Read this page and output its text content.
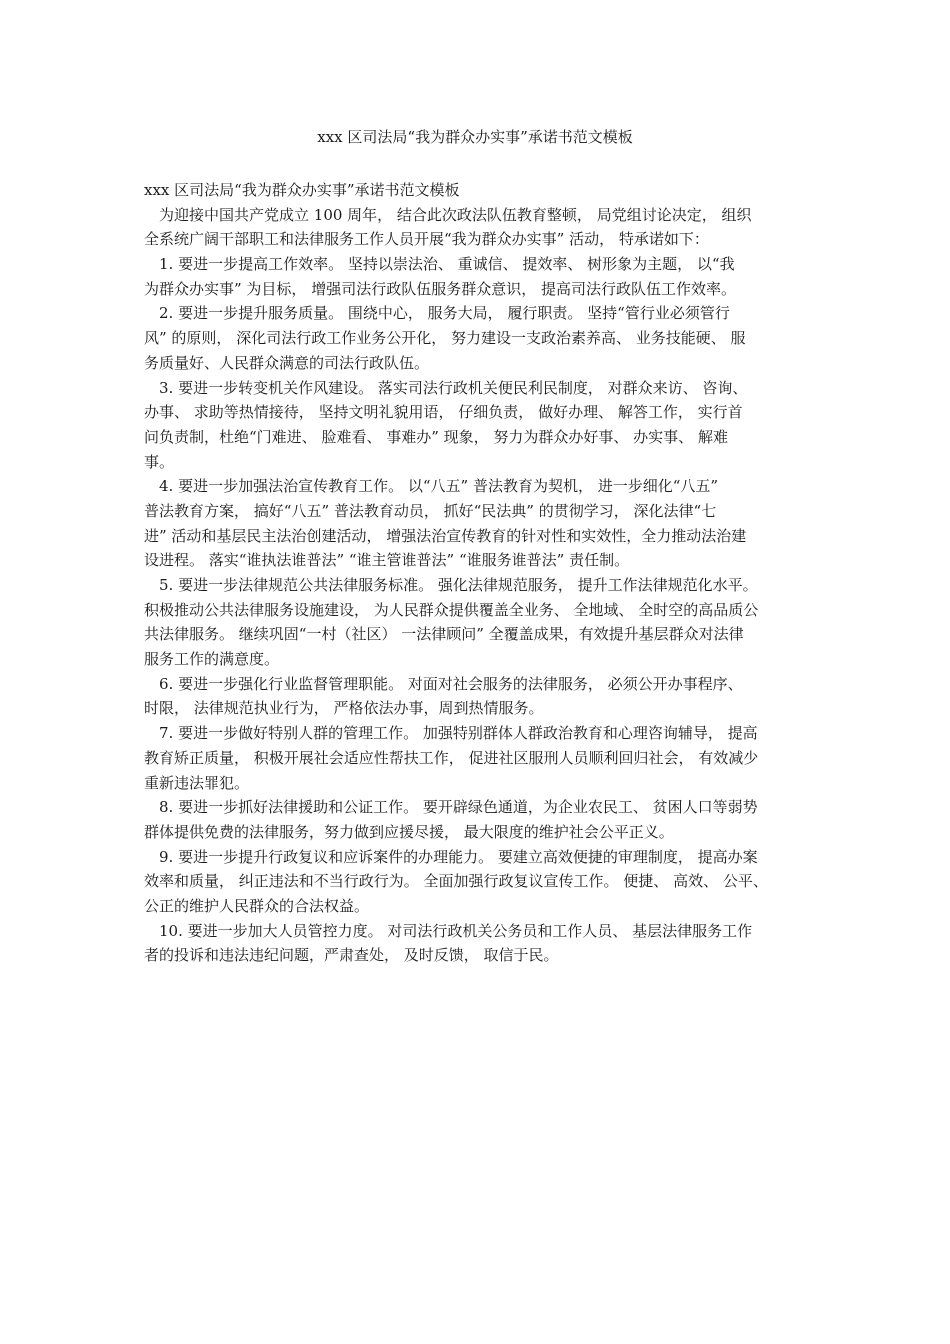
xxx 区司法局“我为群众办实事”承诺书范文模板
xxx 区司法局“我为群众办实事”承诺书范文模板
　为迎接中国共产党成立 100 周年， 结合此次政法队伍教育整顿， 局党组讨论决定， 组织
全系统广阔干部职工和法律服务工作人员开展“我为群众办实事” 活动， 特承诺如下：
　1. 要进一步提高工作效率。 坚持以崇法治、 重诚信、 提效率、 树形象为主题， 以“我
为群众办实事” 为目标， 增强司法行政队伍服务群众意识， 提高司法行政队伍工作效率。
　2. 要进一步提升服务质量。 围绕中心， 服务大局， 履行职责。 坚持“管行业必须管行
风” 的原则， 深化司法行政工作业务公开化， 努力建设一支政治素养高、 业务技能硬、 服
务质量好、人民群众满意的司法行政队伍。
　3. 要进一步转变机关作风建设。 落实司法行政机关便民利民制度， 对群众来访、 咨询、
办事、 求助等热情接待， 坚持文明礼貌用语， 仔细负责， 做好办理、 解答工作， 实行首
问负责制，杜绝“门难进、 脸难看、 事难办” 现象， 努力为群众办好事、 办实事、 解难
事。
　4. 要进一步加强法治宣传教育工作。 以“八五” 普法教育为契机， 进一步细化“八五”
普法教育方案， 搞好“八五” 普法教育动员， 抓好“民法典” 的贯彻学习， 深化法律“七
进” 活动和基层民主法治创建活动， 增强法治宣传教育的针对性和实效性，全力推动法治建
设进程。 落实“谁执法谁普法” “谁主管谁普法” “谁服务谁普法” 责任制。
　5. 要进一步法律规范公共法律服务标准。 强化法律规范服务， 提升工作法律规范化水平。
积极推动公共法律服务设施建设， 为人民群众提供覆盖全业务、 全地域、 全时空的高品质公
共法律服务。 继续巩固“一村（社区） 一法律顾问” 全覆盖成果，有效提升基层群众对法律
服务工作的满意度。
　6. 要进一步强化行业监督管理职能。 对面对社会服务的法律服务， 必须公开办事程序、
时限， 法律规范执业行为， 严格依法办事，周到热情服务。
　7. 要进一步做好特别人群的管理工作。 加强特别群体人群政治教育和心理咨询辅导， 提高
教育矫正质量， 积极开展社会适应性帮扶工作， 促进社区服刑人员顺利回归社会， 有效减少
重新违法罪犯。
　8. 要进一步抓好法律援助和公证工作。 要开辟绿色通道，为企业农民工、 贫困人口等弱势
群体提供免费的法律服务，努力做到应援尽援， 最大限度的维护社会公平正义。
　9. 要进一步提升行政复议和应诉案件的办理能力。 要建立高效便捷的审理制度， 提高办案
效率和质量， 纠正违法和不当行政行为。 全面加强行政复议宣传工作。 便捷、 高效、 公平、
公正的维护人民群众的合法权益。
　10. 要进一步加大人员管控力度。 对司法行政机关公务员和工作人员、 基层法律服务工作
者的投诉和违法违纪问题，严肃查处， 及时反馈， 取信于民。
